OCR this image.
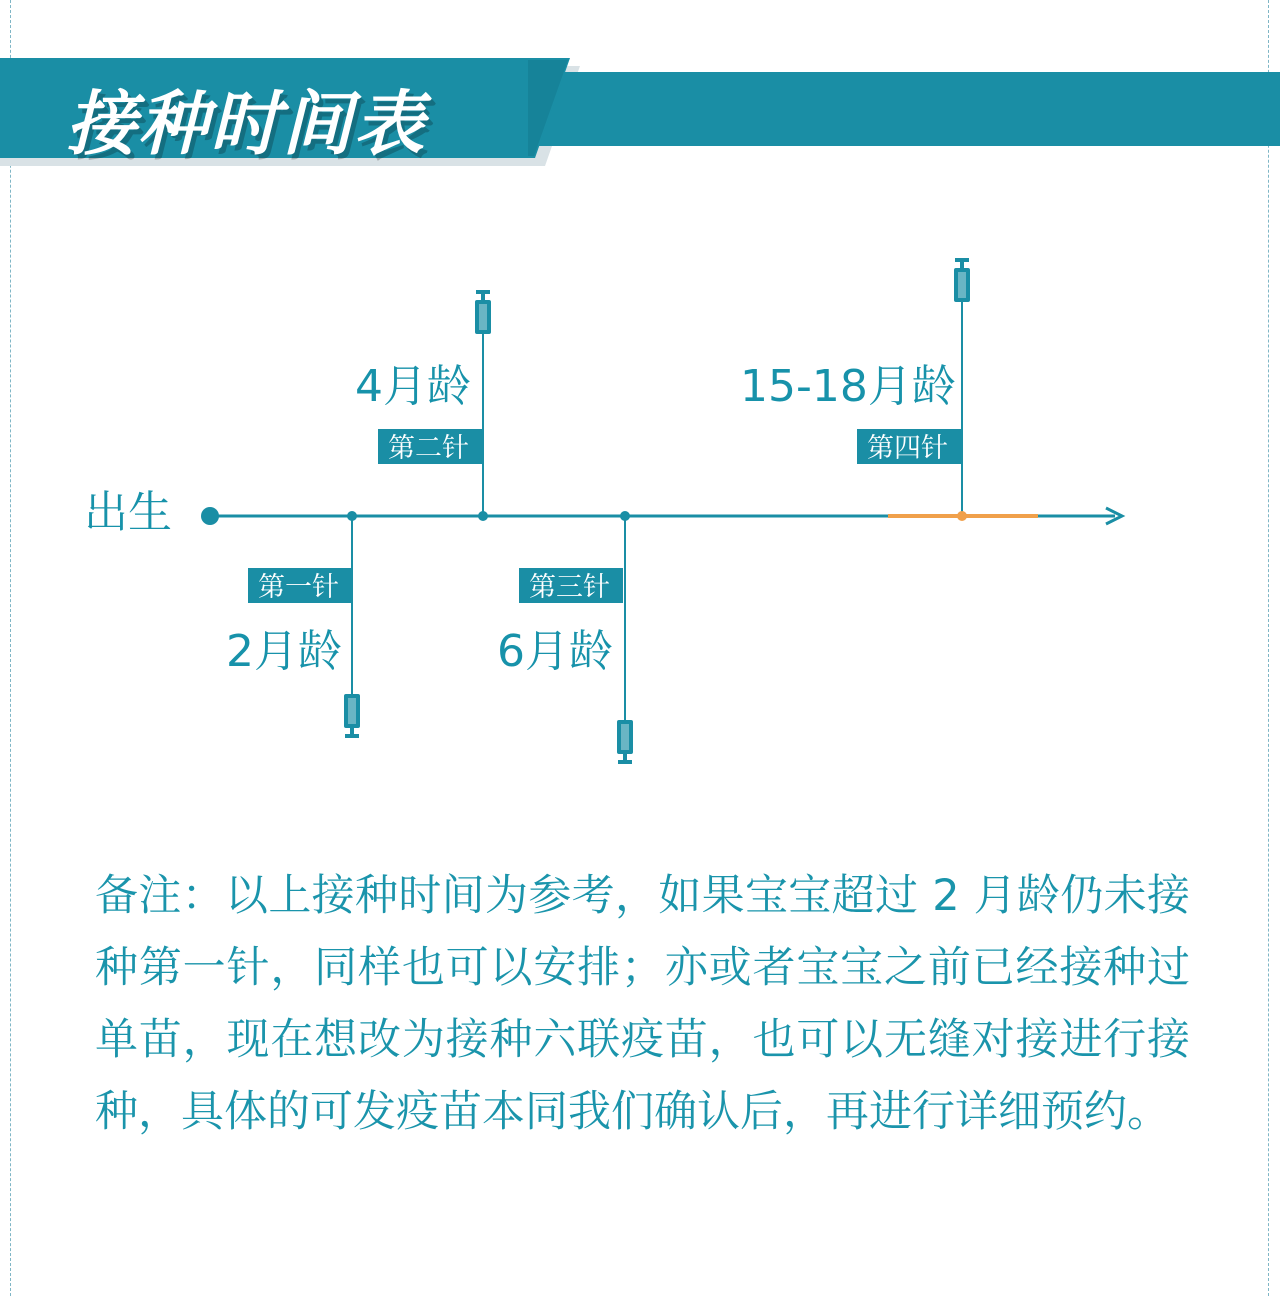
接种时间表
出生
第一针
2月龄
4月龄
第二针
第三针
6月龄
15-18月龄
第四针
备注：以上接种时间为参考，如果宝宝超过 2 月龄仍未接种第一针，同样也可以安排；亦或者宝宝之前已经接种过单苗，现在想改为接种六联疫苗，也可以无缝对接进行接种，具体的可发疫苗本同我们确认后，再进行详细预约。
